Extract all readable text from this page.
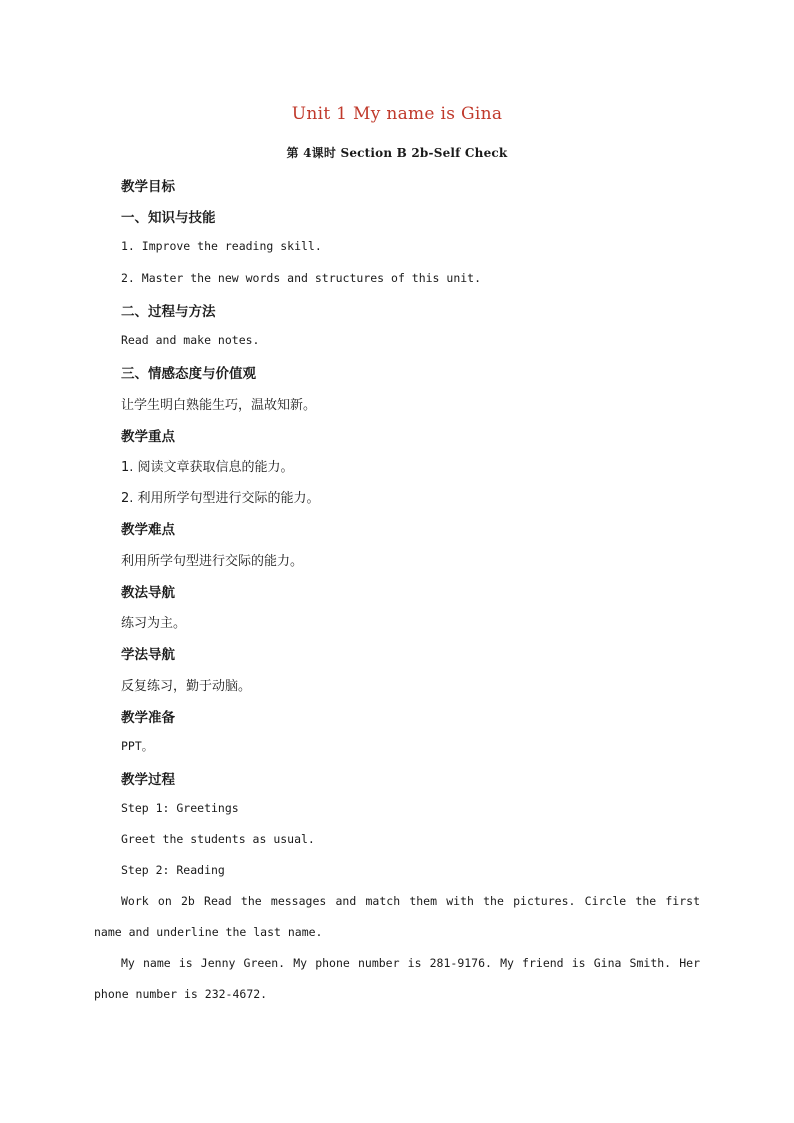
Unit 1 My name is Gina
第 4课时 Section B 2b-Self Check
教学目标
一、知识与技能
1. Improve the reading skill.
2. Master the new words and structures of this unit.
二、过程与方法
Read and make notes.
三、情感态度与价值观
让学生明白熟能生巧，温故知新。
教学重点
1. 阅读文章获取信息的能力。
2. 利用所学句型进行交际的能力。
教学难点
利用所学句型进行交际的能力。
教法导航
练习为主。
学法导航
反复练习，勤于动脑。
教学准备
PPT。
教学过程
Step 1: Greetings
Greet the students as usual.
Step 2: Reading
Work on 2b Read the messages and match them with the pictures. Circle the first name and underline the last name.
My name is Jenny Green. My phone number is 281-9176. My friend is Gina Smith. Her phone number is 232-4672.
